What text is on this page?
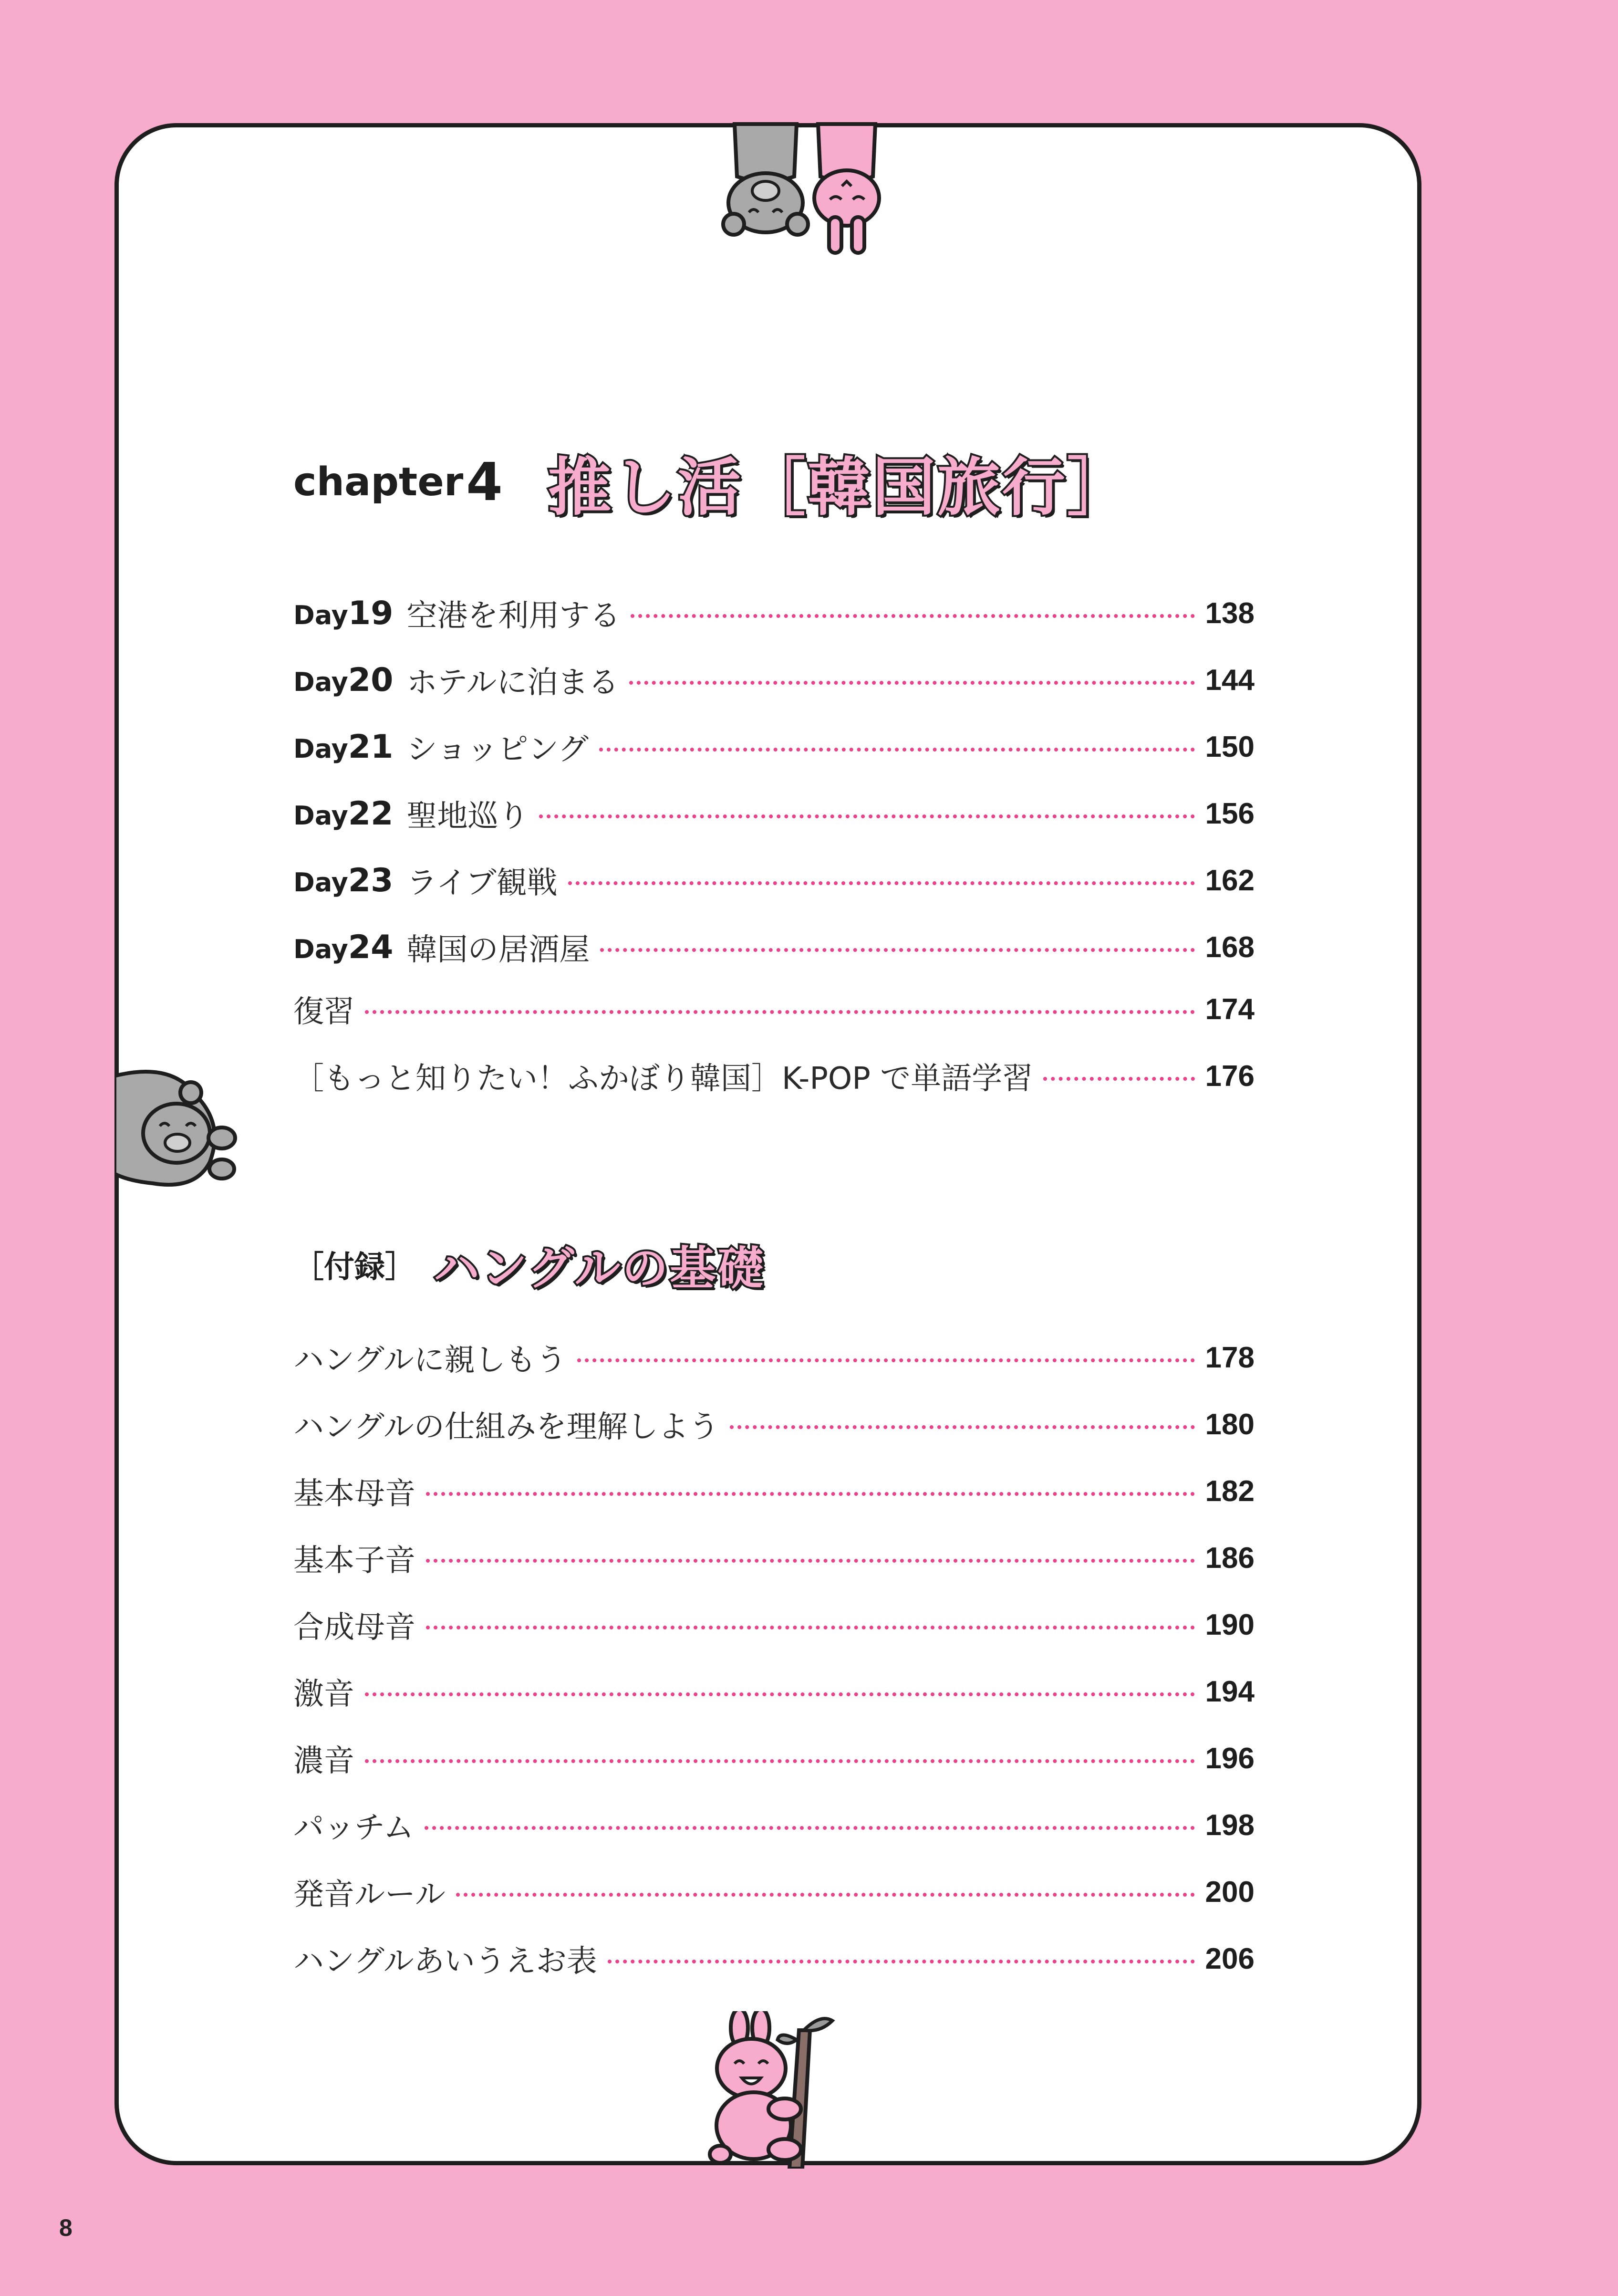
chapter 4 推し活［韓国旅行］
Day 19 空港を利用する	138
Day 20 ホテルに泊まる	144
Day 21 ショッピング	150
Day 22 聖地巡り	156
Day 23 ライブ観戦	162
Day 24 韓国の居酒屋	168
復習	174
［もっと知りたい！ふかぼり韓国］K-POP で単語学習	176
［付録］ ハングルの基礎
ハングルに親しもう	178
ハングルの仕組みを理解しよう	180
基本母音	182
基本子音	186
合成母音	190
激音	194
濃音	196
パッチム	198
発音ルール	200
ハングルあいうえお表	206
8
